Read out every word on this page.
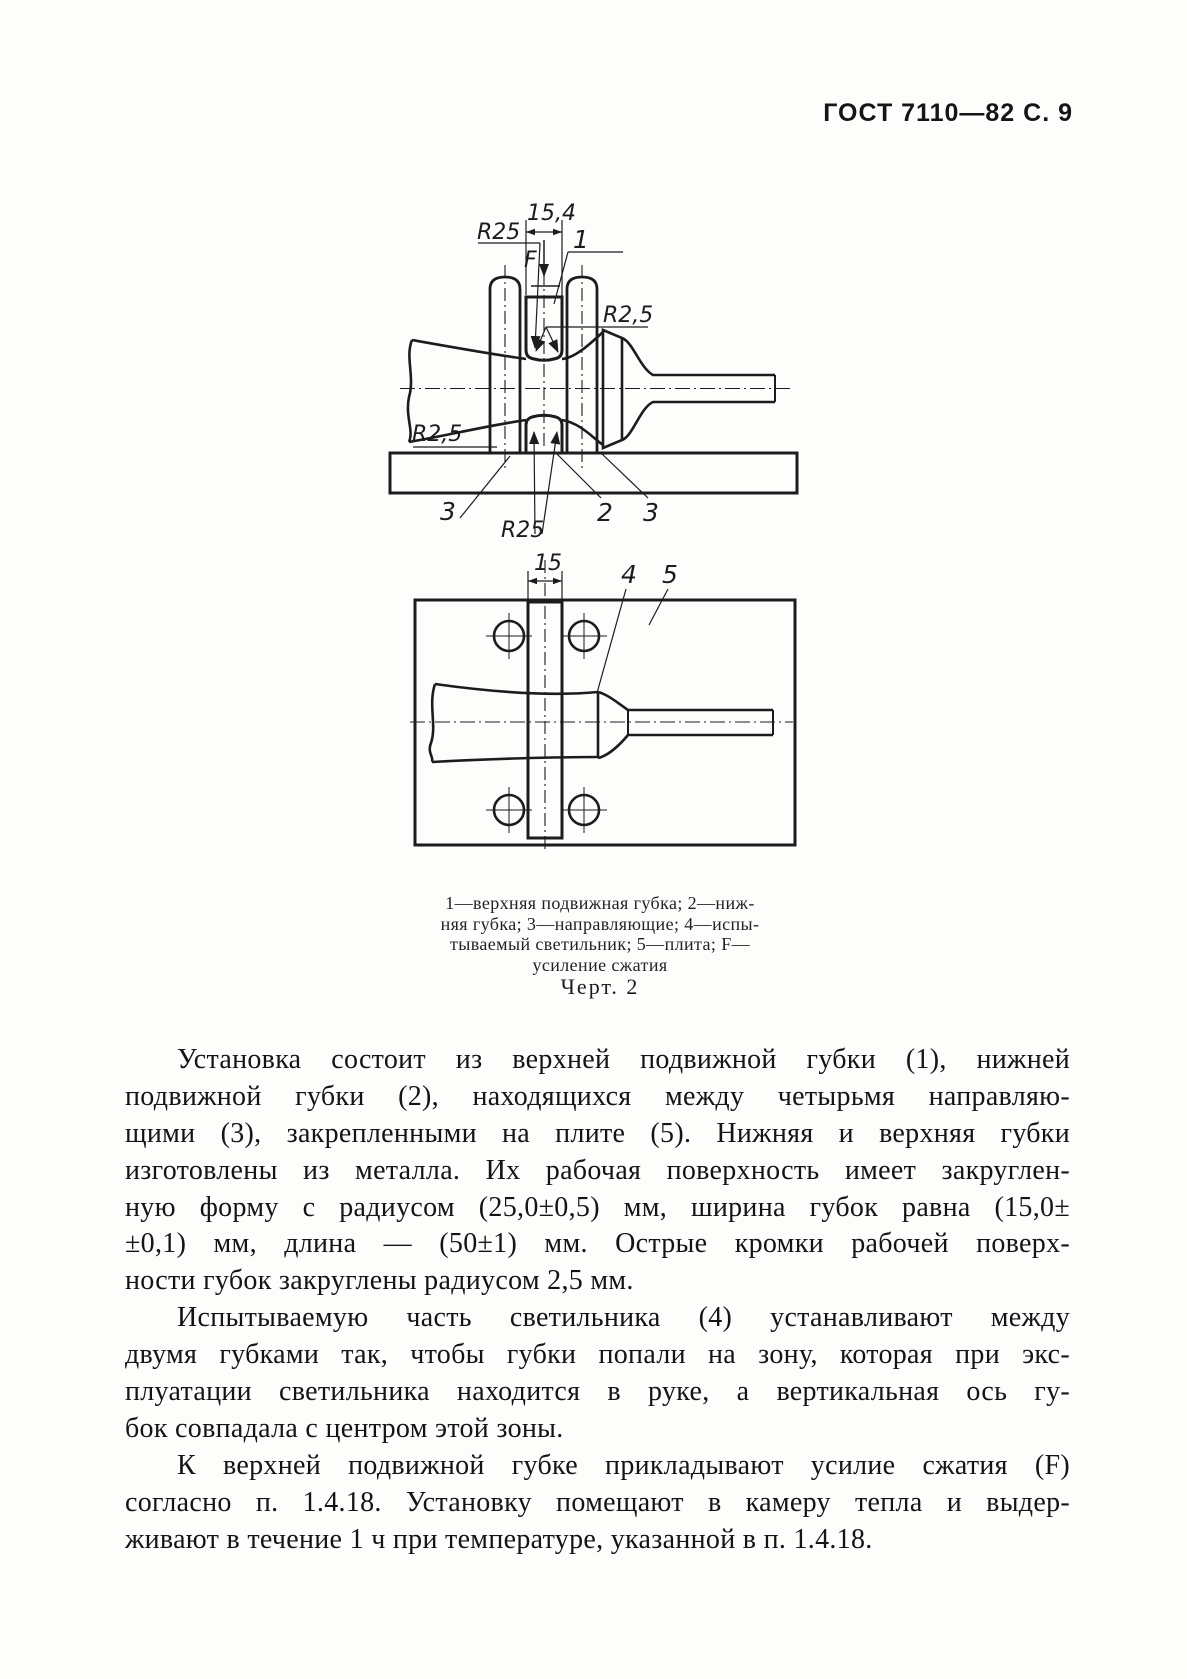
ГОСТ 7110—82 С. 9
15,4
R25
F
1
R2,5
R2,5
3
R25
2 3
15 4 5
1—верхняя подвижная губка; 2—ниж-
няя губка; 3—направляющие; 4—испы-
тываемый светильник; 5—плита; F—
усиление сжатия
Черт. 2
Установка состоит из верхней подвижной губки (1), нижней
подвижной губки (2), находящихся между четырьмя направляю-
щими (3), закрепленными на плите (5). Нижняя и верхняя губки
изготовлены из металла. Их рабочая поверхность имеет закруглен-
ную форму с радиусом (25,0±0,5) мм, ширина губок равна (15,0±
±0,1) мм, длина — (50±1) мм. Острые кромки рабочей поверх-
ности губок закруглены радиусом 2,5 мм.
Испытываемую часть светильника (4) устанавливают между
двумя губками так, чтобы губки попали на зону, которая при экс-
плуатации светильника находится в руке, а вертикальная ось гу-
бок совпадала с центром этой зоны.
К верхней подвижной губке прикладывают усилие сжатия (F)
согласно п. 1.4.18. Установку помещают в камеру тепла и выдер-
живают в течение 1 ч при температуре, указанной в п. 1.4.18.
